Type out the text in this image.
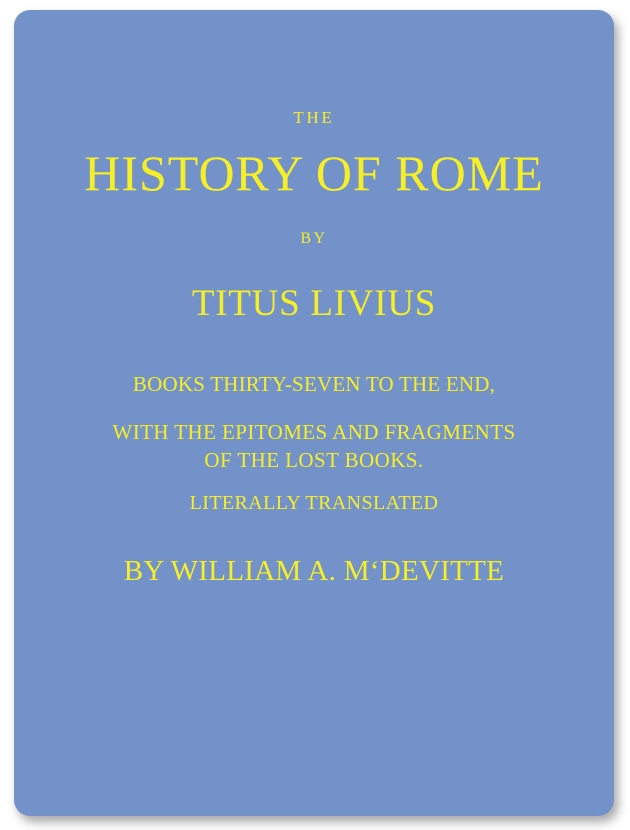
THE
HISTORY OF ROME
BY
TITUS LIVIUS
BOOKS THIRTY-SEVEN TO THE END,
WITH THE EPITOMES AND FRAGMENTS
OF THE LOST BOOKS.
LITERALLY TRANSLATED
BY WILLIAM A. M‘DEVITTE
